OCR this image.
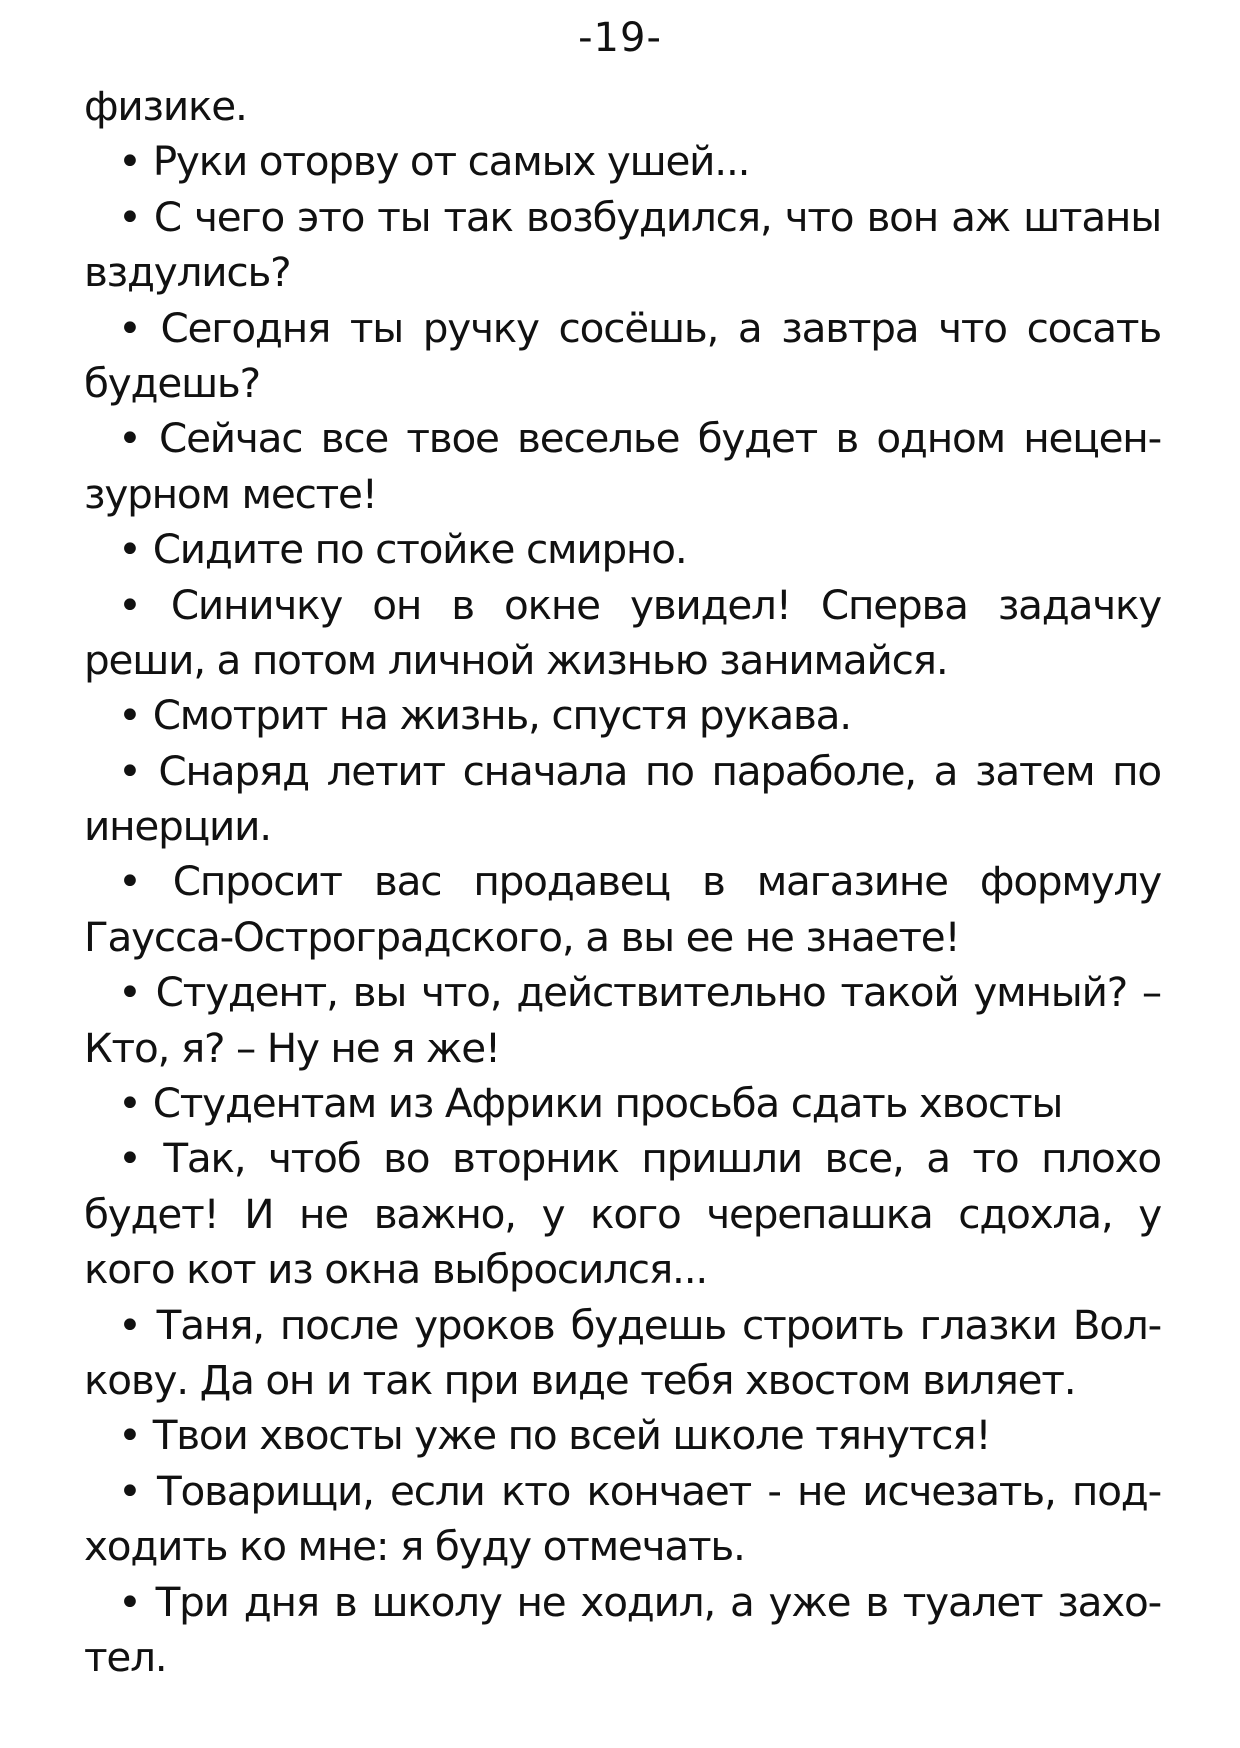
-19-
физике.
• Руки оторву от самых ушей...
• С чего это ты так возбудился, что вон аж штаны
вздулись?
• Сегодня ты ручку сосёшь, а завтра что сосать
будешь?
• Сейчас все твое веселье будет в одном нецен-
зурном месте!
• Сидите по стойке смирно.
• Синичку он в окне увидел! Сперва задачку
реши, а потом личной жизнью занимайся.
• Смотрит на жизнь, спустя рукава.
• Снаряд летит сначала по параболе, а затем по
инерции.
• Спросит вас продавец в магазине формулу
Гаусса-Остроградского, а вы ее не знаете!
• Студент, вы что, действительно такой умный? –
Кто, я? – Ну не я же!
• Студентам из Африки просьба сдать хвосты
• Так, чтоб во вторник пришли все, а то плохо
будет! И не важно, у кого черепашка сдохла, у
кого кот из окна выбросился...
• Таня, после уроков будешь строить глазки Вол-
кову. Да он и так при виде тебя хвостом виляет.
• Твои хвосты уже по всей школе тянутся!
• Товарищи, если кто кончает - не исчезать, под-
ходить ко мне: я буду отмечать.
• Три дня в школу не ходил, а уже в туалет захо-
тел.
